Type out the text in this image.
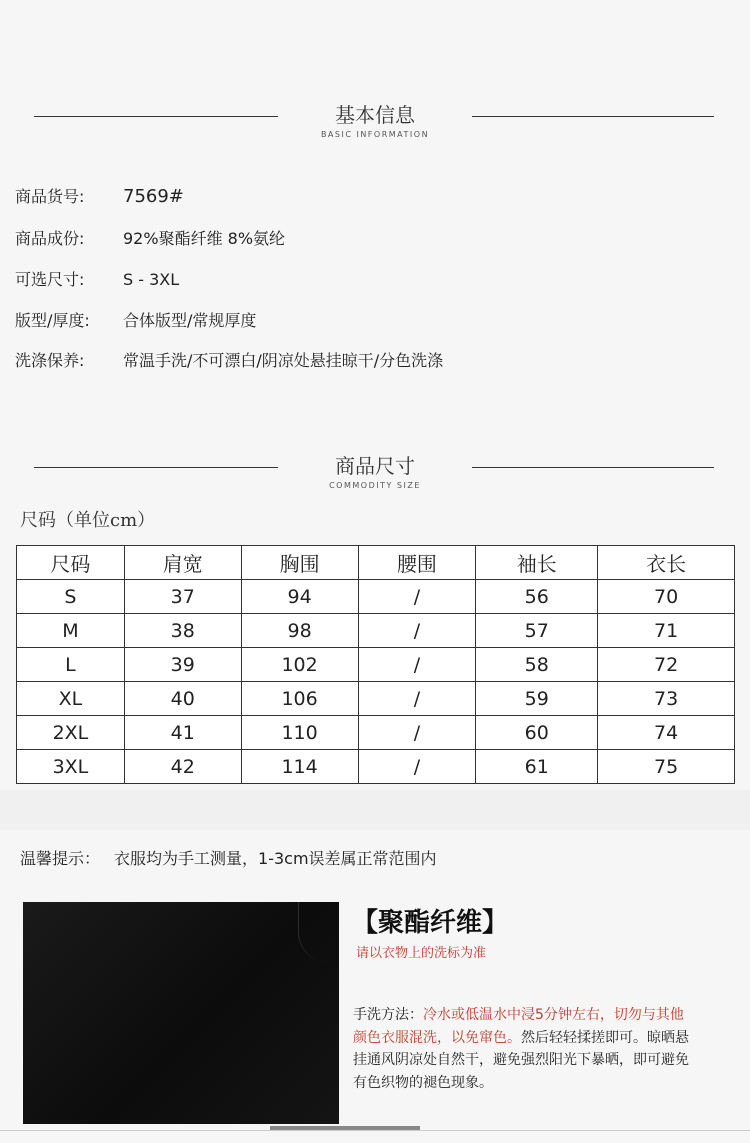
基本信息
BASIC INFORMATION
商品货号: 7569#
商品成份: 92%聚酯纤维 8%氨纶
可选尺寸: S - 3XL
版型/厚度: 合体版型/常规厚度
洗涤保养: 常温手洗/不可漂白/阴凉处悬挂晾干/分色洗涤
商品尺寸
COMMODITY SIZE
尺码（单位cm）
尺码	肩宽	胸围	腰围	袖长	衣长
S	37	94	/	56	70
M	38	98	/	57	71
L	39	102	/	58	72
XL	40	106	/	59	73
2XL	41	110	/	60	74
3XL	42	114	/	61	75
温馨提示： 衣服均为手工测量，1-3cm误差属正常范围内
【聚酯纤维】
请以衣物上的洗标为准
手洗方法：冷水或低温水中浸5分钟左右，切勿与其他颜色衣服混洗，以免窜色。然后轻轻揉搓即可。晾晒悬挂通风阴凉处自然干，避免强烈阳光下暴晒，即可避免有色织物的褪色现象。
